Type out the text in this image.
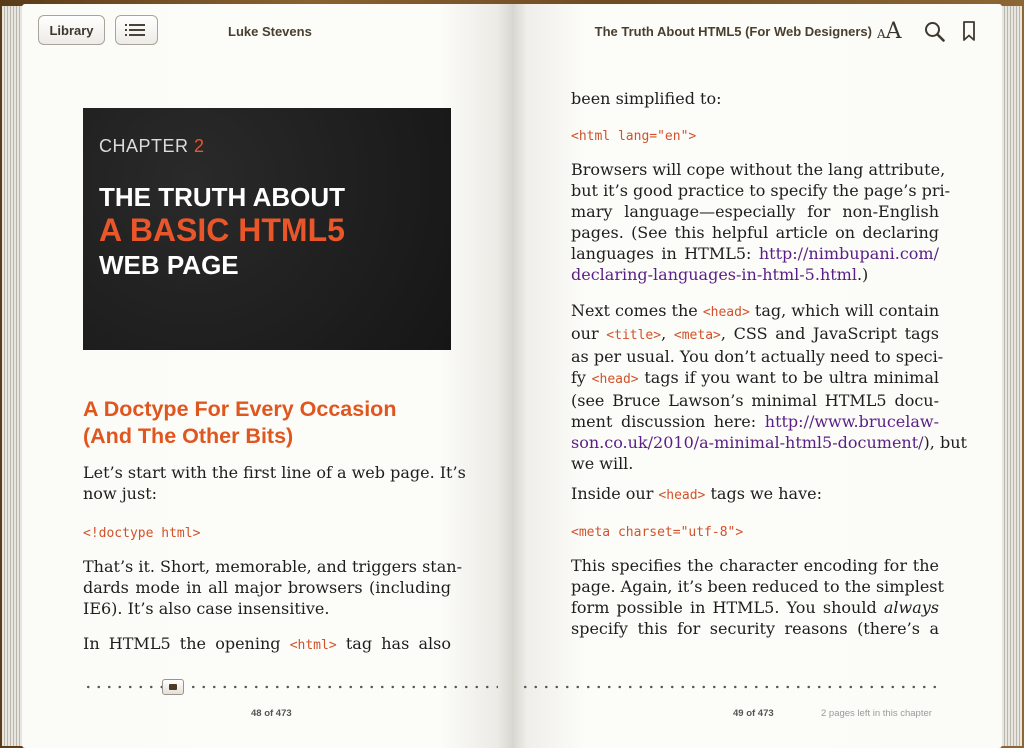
Library	Luke Stevens	The Truth About HTML5 (For Web Designers) AA
CHAPTER 2
THE TRUTH ABOUT
A BASIC HTML5
WEB PAGE
A Doctype For Every Occasion
(And The Other Bits)
Let’s start with the first line of a web page. It’s
now just:
<!doctype html>
That’s it. Short, memorable, and triggers stan-
dards mode in all major browsers (including
IE6). It’s also case insensitive.
In HTML5 the opening <html> tag has also
been simplified to:
<html lang="en">
Browsers will cope without the lang attribute,
but it’s good practice to specify the page’s pri-
mary language—especially for non-English
pages. (See this helpful article on declaring
languages in HTML5: http://nimbupani.com/
declaring-languages-in-html-5.html.)
Next comes the <head> tag, which will contain
our <title>, <meta>, CSS and JavaScript tags
as per usual. You don’t actually need to speci-
fy <head> tags if you want to be ultra minimal
(see Bruce Lawson’s minimal HTML5 docu-
ment discussion here: http://www.brucelaw-
son.co.uk/2010/a-minimal-html5-document/), but
we will.
Inside our <head> tags we have:
<meta charset="utf-8">
This specifies the character encoding for the
page. Again, it’s been reduced to the simplest
form possible in HTML5. You should always
specify this for security reasons (there’s a
48 of 473	49 of 473	2 pages left in this chapter
